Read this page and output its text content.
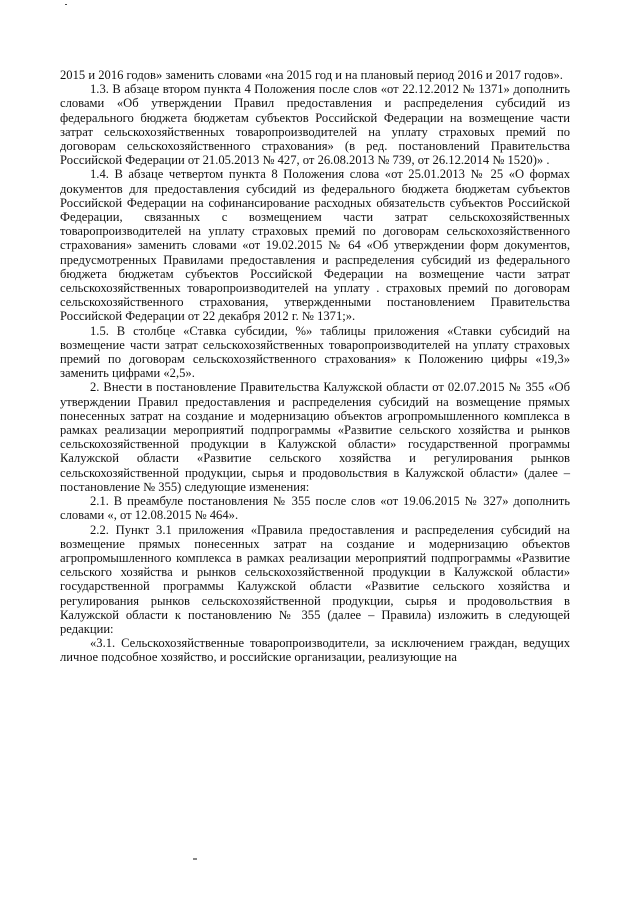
2015 и 2016 годов» заменить словами «на 2015 год и на плановый период 2016 и 2017 годов».

1.3. В абзаце втором пункта 4 Положения после слов «от 22.12.2012 № 1371» дополнить словами «Об утверждении Правил предоставления и распределения субсидий из федерального бюджета бюджетам субъектов Российской Федерации на возмещение части затрат сельскохозяйственных товаропроизводителей на уплату страховых премий по договорам сельскохозяйственного страхования» (в ред. постановлений Правительства Российской Федерации от 21.05.2013 № 427, от 26.08.2013 № 739, от 26.12.2014 № 1520)» .

1.4. В абзаце четвертом пункта 8 Положения слова «от 25.01.2013 № 25 «О формах документов для предоставления субсидий из федерального бюджета бюджетам субъектов Российской Федерации на софинансирование расходных обязательств субъектов Российской Федерации, связанных с возмещением части затрат сельскохозяйственных товаропроизводителей на уплату страховых премий по договорам сельскохозяйственного страхования» заменить словами «от 19.02.2015 № 64 «Об утверждении форм документов, предусмотренных Правилами предоставления и распределения субсидий из федерального бюджета бюджетам субъектов Российской Федерации на возмещение части затрат сельскохозяйственных товаропроизводителей на уплату . страховых премий по договорам сельскохозяйственного страхования, утвержденными постановлением Правительства Российской Федерации от 22 декабря 2012 г. № 1371;».

1.5. В столбце «Ставка субсидии, %» таблицы приложения «Ставки субсидий на возмещение части затрат сельскохозяйственных товаропроизводителей на уплату страховых премий по договорам сельскохозяйственного страхования» к Положению цифры «19,3» заменить цифрами «2,5».

2. Внести в постановление Правительства Калужской области от 02.07.2015 № 355 «Об утверждении Правил предоставления и распределения субсидий на возмещение прямых понесенных затрат на создание и модернизацию объектов агропромышленного комплекса в рамках реализации мероприятий подпрограммы «Развитие сельского хозяйства и рынков сельскохозяйственной продукции в Калужской области» государственной программы Калужской области «Развитие сельского хозяйства и регулирования рынков сельскохозяйственной продукции, сырья и продовольствия в Калужской области» (далее – постановление № 355) следующие изменения:

2.1. В преамбуле постановления № 355 после слов «от 19.06.2015 № 327» дополнить словами «, от 12.08.2015 № 464».

2.2. Пункт 3.1 приложения «Правила предоставления и распределения субсидий на возмещение прямых понесенных затрат на создание и модернизацию объектов агропромышленного комплекса в рамках реализации мероприятий подпрограммы «Развитие сельского хозяйства и рынков сельскохозяйственной продукции в Калужской области» государственной программы Калужской области «Развитие сельского хозяйства и регулирования рынков сельскохозяйственной продукции, сырья и продовольствия в Калужской области к постановлению № 355 (далее – Правила) изложить в следующей редакции:

«3.1. Сельскохозяйственные товаропроизводители, за исключением граждан, ведущих личное подсобное хозяйство, и российские организации, реализующие на
